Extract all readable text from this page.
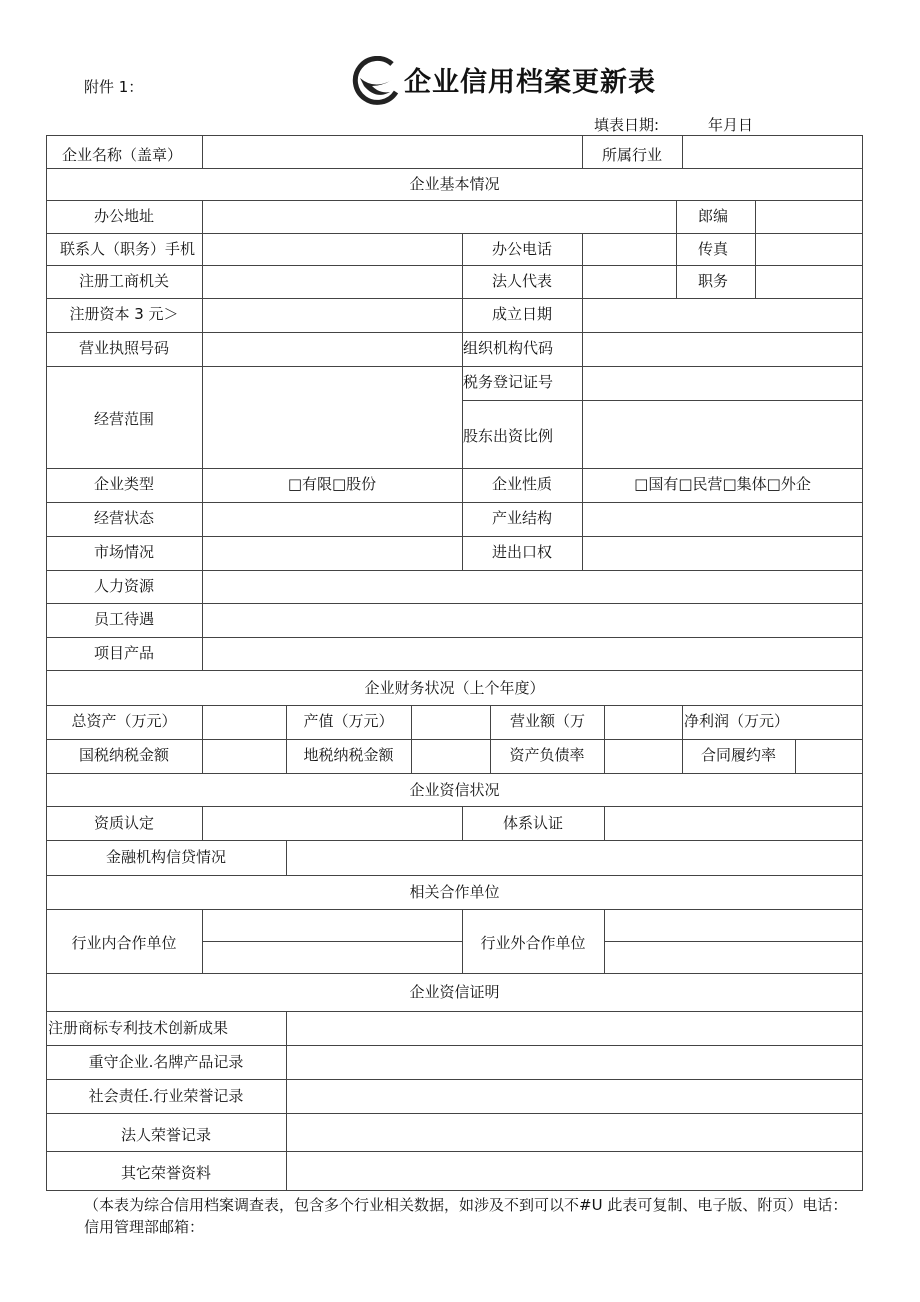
附件 1：	企业信用档案更新表
填表日期:	年月日
企业名称（盖章）	所属行业
企业基本情况
办公地址	郎编
联系人（职务）手机	办公电话	传真
注册工商机关	法人代表	职务
注册资本 3 元＞	成立日期
营业执照号码	组织机构代码
经营范围
税务登记证号
股东出资比例
企业类型	□有限□股份	企业性质	□国有□民营□集体□外企
经营状态	产业结构
市场情况	进出口权
人力资源
员工待遇
项目产品
企业财务状况（上个年度）
总资产（万元）	产值（万元）	营业额（万	净利润（万元）
国税纳税金额	地税纳税金额	资产负债率	合同履约率
企业资信状况
资质认定	体系认证
金融机构信贷情况
相关合作单位
行业内合作单位	行业外合作单位
企业资信证明
注册商标专利技术创新成果
重守企业.名牌产品记录
社会责任.行业荣誉记录
法人荣誉记录
其它荣誉资料
（本表为综合信用档案调查表，包含多个行业相关数据，如涉及不到可以不#U 此表可复制、电子版、附页）电话：信用管理部邮箱：
